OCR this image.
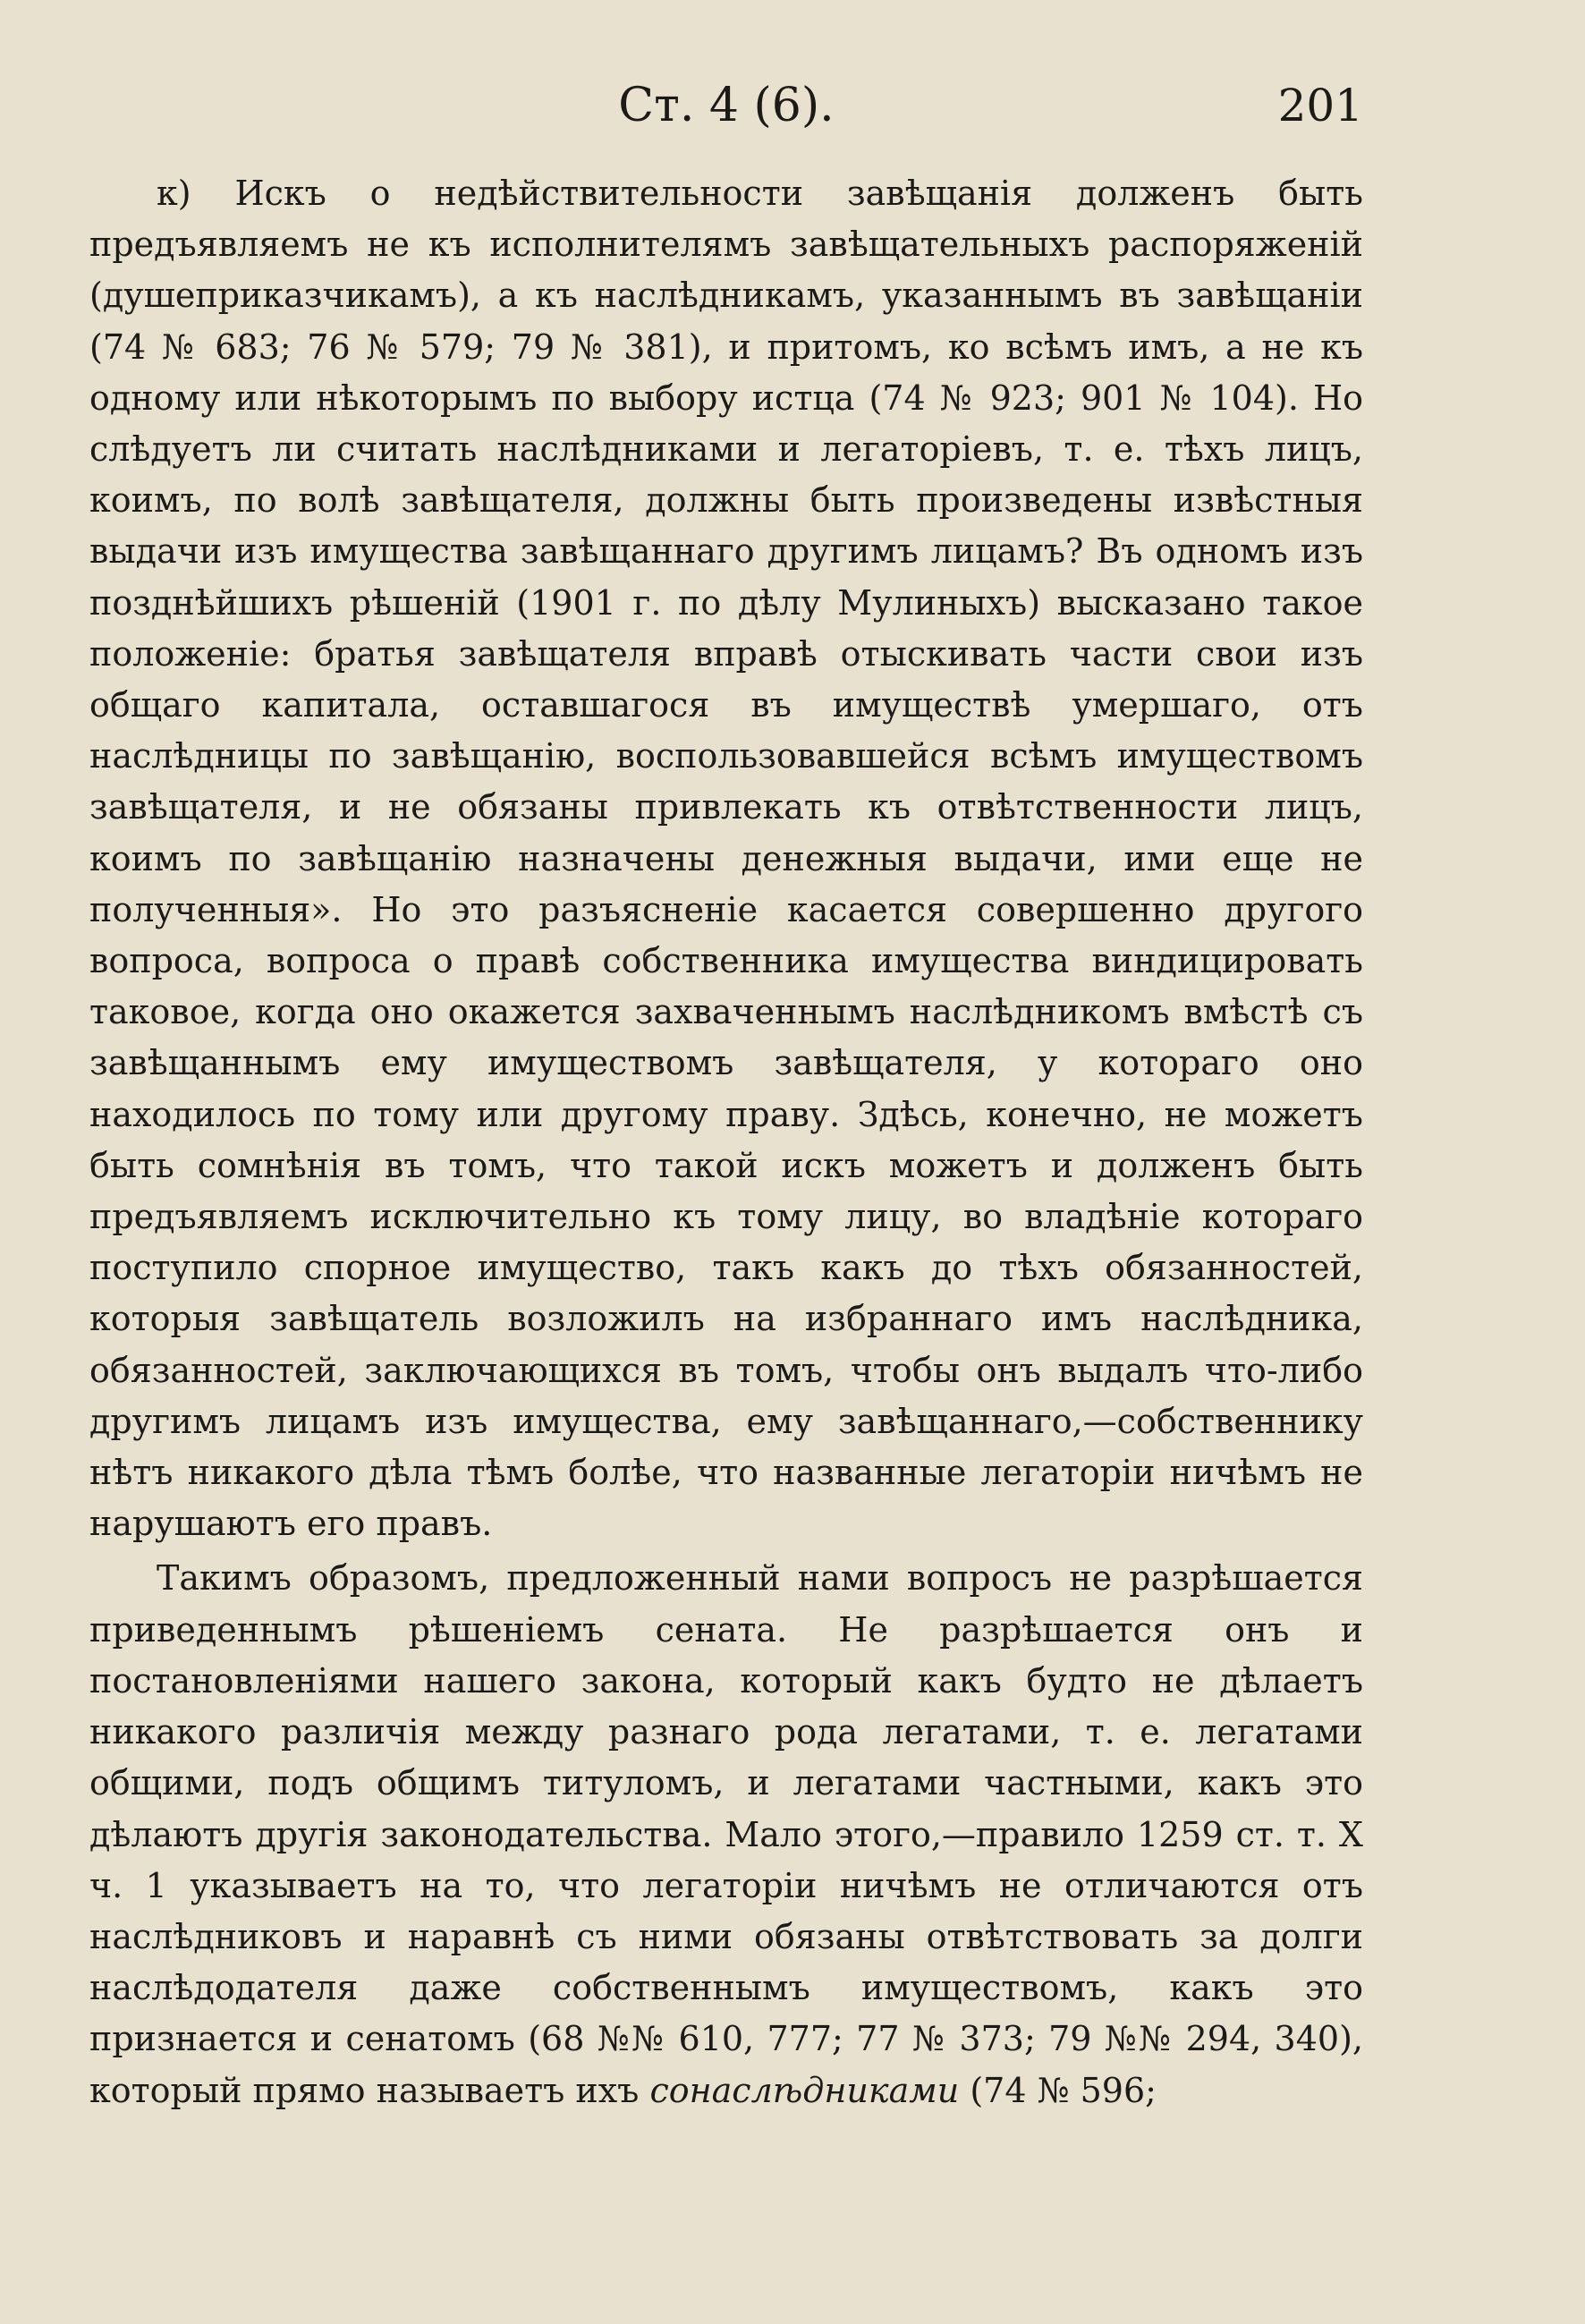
Ст. 4 (6).	201

к) Искъ о недѣйствительности завѣщанія долженъ быть предъявляемъ не къ исполнителямъ завѣщательныхъ распоряженій (душеприказчикамъ), а къ наслѣдникамъ, указаннымъ въ завѣщаніи (74 № 683; 76 № 579; 79 № 381), и притомъ, ко всѣмъ имъ, а не къ одному или нѣкоторымъ по выбору истца (74 № 923; 901 № 104). Но слѣдуетъ ли считать наслѣдниками и легаторіевъ, т. е. тѣхъ лицъ, коимъ, по волѣ завѣщателя, должны быть произведены извѣстныя выдачи изъ имущества завѣщаннаго другимъ лицамъ? Въ одномъ изъ позднѣйшихъ рѣшеній (1901 г. по дѣлу Мулиныхъ) высказано такое положеніе: братья завѣщателя вправѣ отыскивать части свои изъ общаго капитала, оставшагося въ имуществѣ умершаго, отъ наслѣдницы по завѣщанію, воспользовавшейся всѣмъ имуществомъ завѣщателя, и не обязаны привлекать къ отвѣтственности лицъ, коимъ по завѣщанію назначены денежныя выдачи, ими еще не полученныя». Но это разъясненіе касается совершенно другого вопроса, вопроса о правѣ собственника имущества виндицировать таковое, когда оно окажется захваченнымъ наслѣдникомъ вмѣстѣ съ завѣщаннымъ ему имуществомъ завѣщателя, у котораго оно находилось по тому или другому праву. Здѣсь, конечно, не можетъ быть сомнѣнія въ томъ, что такой искъ можетъ и долженъ быть предъявляемъ исключительно къ тому лицу, во владѣніе котораго поступило спорное имущество, такъ какъ до тѣхъ обязанностей, которыя завѣщатель возложилъ на избраннаго имъ наслѣдника, обязанностей, заключающихся въ томъ, чтобы онъ выдалъ что-либо другимъ лицамъ изъ имущества, ему завѣщаннаго,—собственнику нѣтъ никакого дѣла тѣмъ болѣе, что названные легаторіи ничѣмъ не нарушаютъ его правъ.

Такимъ образомъ, предложенный нами вопросъ не разрѣшается приведеннымъ рѣшеніемъ сената. Не разрѣшается онъ и постановленіями нашего закона, который какъ будто не дѣлаетъ никакого различія между разнаго рода легатами, т. е. легатами общими, подъ общимъ титуломъ, и легатами частными, какъ это дѣлаютъ другія законодательства. Мало этого,—правило 1259 ст. т. X ч. 1 указываетъ на то, что легаторіи ничѣмъ не отличаются отъ наслѣдниковъ и наравнѣ съ ними обязаны отвѣтствовать за долги наслѣдодателя даже собственнымъ имуществомъ, какъ это признается и сенатомъ (68 №№ 610, 777; 77 № 373; 79 №№ 294, 340), который прямо называетъ ихъ сонаслѣдниками (74 № 596;
